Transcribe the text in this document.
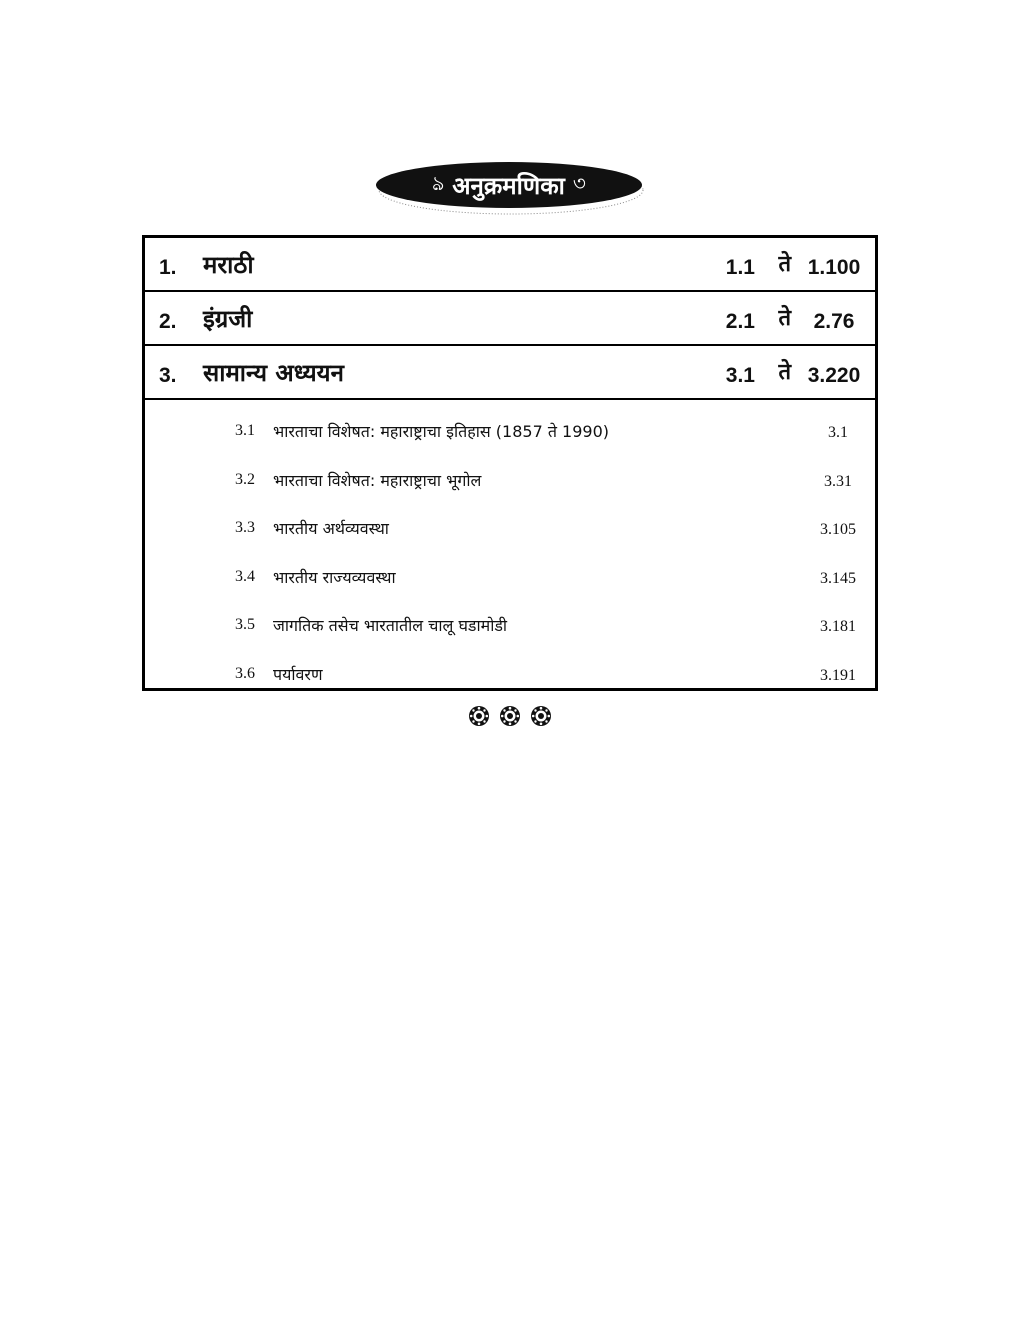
ঌ अनुक्रमणिका ৩
1. मराठी	1.1 ते 1.100
2. इंग्रजी	2.1 ते	2.76
3. सामान्य अध्ययन	3.1 ते 3.220
3.1 भारताचा विशेषत: महाराष्ट्राचा इतिहास (1857 ते 1990)	3.1
3.2 भारताचा विशेषत: महाराष्ट्राचा भूगोल	3.31
3.3 भारतीय अर्थव्यवस्था	3.105
3.4 भारतीय राज्यव्यवस्था	3.145
3.5 जागतिक तसेच भारतातील चालू घडामोडी	3.181
3.6 पर्यावरण	3.191
